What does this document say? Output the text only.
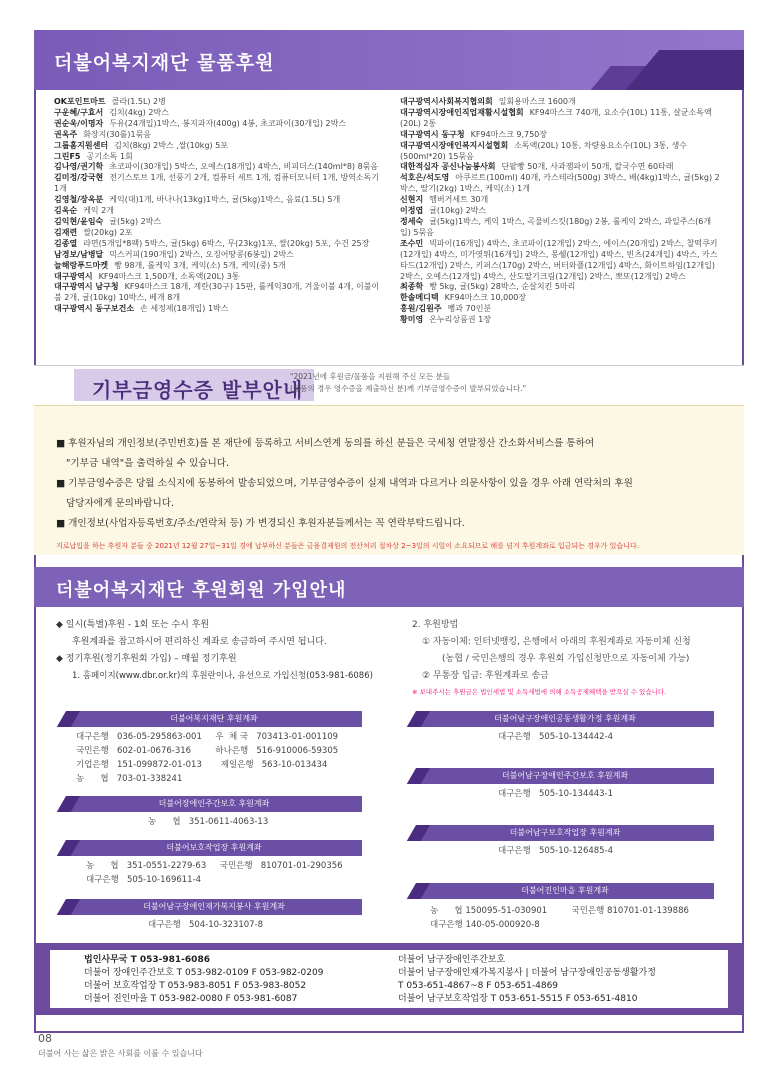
더불어복지재단 물품후원
OK포인트마트 콜라(1.5L) 2병
구운혜/구효서 김치(4kg) 2박스
권순욱/이명자 두유(24개입)1박스, 봉지과자(400g) 4봉, 초코파이(30개입) 2박스
권옥주 화장지(30롤)1묶음
그룹홈지원센터 김치(8kg) 2박스 ,쌀(10kg) 5포
그린F5 공기소독 1회
김나영/권기학 초코파이(30개입) 5박스, 오예스(18개입) 4박스, 비피더스(140ml*8) 8묶음
김미정/강국현 전기스토브 1개, 선풍기 2개, 컴퓨터 세트 1개, 컴퓨터모니터 1개, 방역소독기 1개
김영철/장옥분 케익(대)1개, 바나나(13kg)1박스, 귤(5kg)1박스, 음료(1.5L) 5개
김옥순 케익 2개
김익현/윤임숙 귤(5kg) 2박스
김재련 쌀(20kg) 2포
김종열 라면(5개입*8팩) 5박스, 귤(5kg) 6박스, 무(23kg)1포, 쌀(20kg) 5포, 수건 25장
남경보/남병달 믹스커피(190개입) 2박스, 오징어땅콩(6봉입) 2박스
늘해랑푸드마켓 빵 98개, 롤케익 3개, 케익(소) 5개, 케익(중) 5개
대구광역시 KF94마스크 1,500개, 소독액(20L) 3통
대구광역시 남구청 KF94마스크 18개, 계란(30구) 15판, 롤케익30개, 겨울이불 4개, 이불이불 2개, 귤(10kg) 10박스, 베개 8개
대구광역시 동구보건소 손 세정제(18개입) 1박스
대구광역시사회복지협의회 일회용마스크 1600개
대구광역시장애인직업재활시설협회 KF94마스크 740개, 요소수(10L) 11통, 살균소독액(20L) 2통
대구광역시 동구청 KF94마스크 9,750장
대구광역시장애인복지시설협회 소독액(20L) 10통, 차량용요소수(10L) 3통, 생수(500ml*20) 15묶음
대한적십자 공신나눔봉사회 단팥빵 50개, 사과잼파이 50개, 칼국수면 60타래
석호은/석도영 아쿠르트(100ml) 40개, 카스테라(500g) 3박스, 배(4kg)1박스, 귤(5kg) 2박스, 딸기(2kg) 1박스, 케익(소) 1개
신현지 햄버거세트 30개
이정엽 귤(10kg) 2박스
정세숙 귤(5kg)1박스, 케익 1박스, 곡물비스킷(180g) 2봉, 롤케익 2박스, 과일주스(6개입) 5묶음
조수민 빅파이(16개입) 4박스, 초코파이(12개입) 2박스, 에이스(20개입) 2박스, 찰떡쿠키(12개입) 4박스, 미가엿튀(16개입) 2박스, 몽쉘(12개입) 4박스, 빈츠(24개입) 4박스, 카스타드(12개입) 2박스, 키퍼스(170g) 2박스, 버터와플(12개입) 4박스, 화이트하임(12개입) 2박스, 오예스(12개입) 4박스, 산도딸기크림(12개입) 2박스, 뽀또(12개입) 2박스
최종학 빵 5kg, 귤(5kg) 28박스, 순살치킨 5마리
한솔메디텍 KF94마스크 10,000장
홍원/김원주 뻥과 70인분
황미영 온누리상품권 1장
기부금영수증 발부안내
"2021년에 후원금/물품을 지원해 주신 모든 분들
(물품의 경우 영수증을 제출하신 분)께 기부금영수증이 발부되었습니다."

■ 후원자님의 개인정보(주민번호)를 본 재단에 등록하고 서비스연계 동의를 하신 분들은 국세청 연말정산 간소화서비스를 통하여

"기부금 내역"을 출력하실 수 있습니다.

■ 기부금영수증은 당월 소식지에 동봉하여 발송되었으며, 기부금영수증이 실제 내역과 다르거나 의문사항이 있을 경우 아래 연락처의 후원

담당자에게 문의바랍니다.

■ 개인정보(사업자등록번호/주소/연락처 등) 가 변경되신 후원자분들께서는 꼭 연락부탁드립니다.

지로납입을 하는 후원자 분들 중 2021년 12월 27일~31일 경에 납부하신 분들은 금융결제원의 전산처리 절차상 2~3일의 시일이 소요되므로 해를 넘겨 후원계좌로 입금되는 경우가 있습니다.

더불어복지재단 후원회원 가입안내
◆ 일시(특별)후원 - 1회 또는 수시 후원
후원계좌를 참고하시어 편리하신 계좌로 송금하여 주시면 됩니다.
◆ 정기후원(정기후원회 가입) – 매월 정기후원
1. 홈페이지(www.dbr.or.kr)의 후원란이나, 유선으로 가입신청(053-981-6086)
2. 후원방법
① 자동이체: 인터넷뱅킹, 은행에서 아래의 후원계좌로 자동이체 신청
(농협 / 국민은행의 경우 후원회 가입신청만으로 자동이체 가능)
② 무통장 입금: 후원계좌로 송금
※ 보내주시는 후원금은 법인세법 및 소득세법에 의해 소득공제혜택을 받으실 수 있습니다.
더불어복지재단 후원계좌
대구은행   036-05-295863-001     우  체 국   703413-01-001109
국민은행   602-01-0676-316         하나은행   516-910006-59305
기업은행   151-099872-01-013       제일은행   563-10-013434
농      협   703-01-338241
더불어장애인주간보호 후원계좌
농      협   351-0611-4063-13
더불어보호작업장 후원계좌
농      협   351-0551-2279-63     국민은행   810701-01-290356
대구은행   505-10-169611-4
더불어남구장애인재가복지봉사 후원계좌
대구은행   504-10-323107-8
더불어남구장애인공동생활가정 후원계좌
대구은행   505-10-134442-4
더불어남구장애인주간보호 후원계좌
대구은행   505-10-134443-1
더불어남구보호작업장 후원계좌
대구은행   505-10-126485-4
더불어진인마을 후원계좌
농      협 150095-51-030901         국민은행 810701-01-139886
대구은행 140-05-000920-8
법인사무국 T 053-981-6086
더불어 장애인주간보호 T 053-982-0109 F 053-982-0209
더불어 보호작업장 T 053-983-8051 F 053-983-8052
더불어 진인마을 T 053-982-0080 F 053-981-6087
더불어 남구장애인주간보호
더불어 남구장애인재가복지봉사 | 더불어 남구장애인공동생활가정
T 053-651-4867~8 F 053-651-4869
더불어 남구보호작업장 T 053-651-5515 F 053-651-4810
08
더불어 사는 삶은 밝은 사회를 이룰 수 있습니다
